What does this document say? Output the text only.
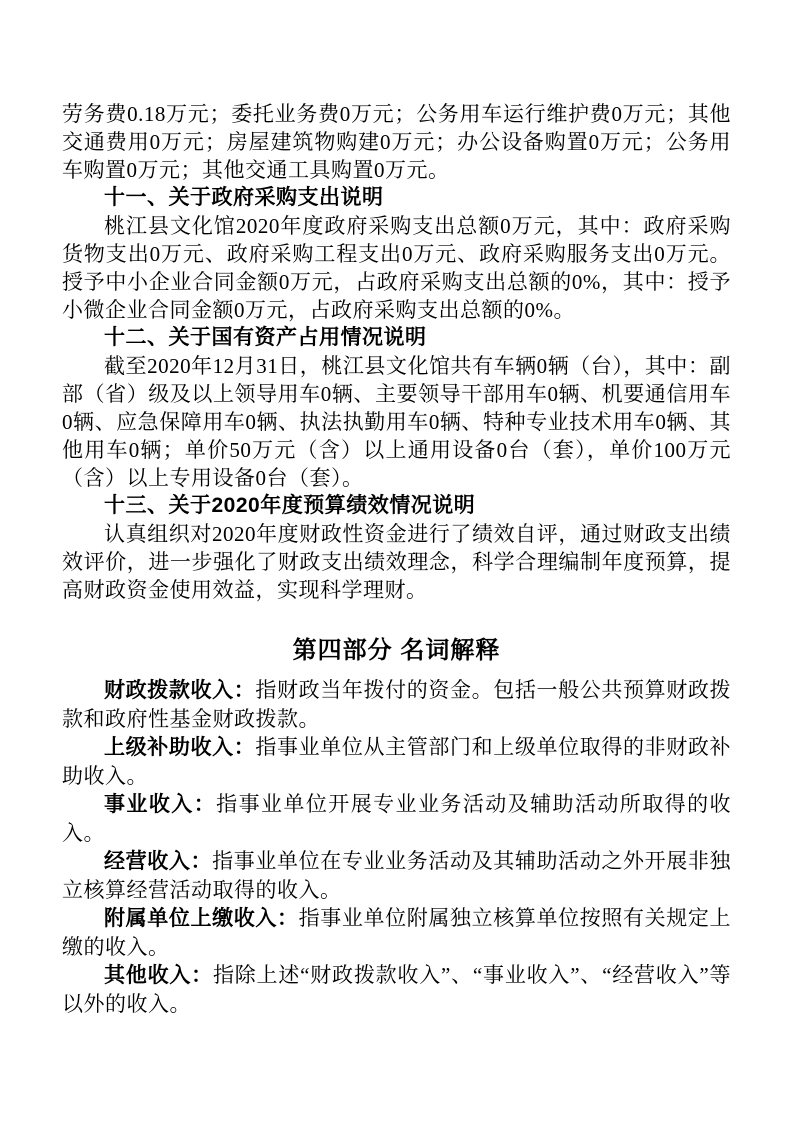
劳务费0.18万元；委托业务费0万元；公务用车运行维护费0万元；其他交通费用0万元；房屋建筑物购建0万元；办公设备购置0万元；公务用车购置0万元；其他交通工具购置0万元。

十一、关于政府采购支出说明

桃江县文化馆2020年度政府采购支出总额0万元，其中：政府采购货物支出0万元、政府采购工程支出0万元、政府采购服务支出0万元。授予中小企业合同金额0万元，占政府采购支出总额的0%，其中：授予小微企业合同金额0万元，占政府采购支出总额的0%。

十二、关于国有资产占用情况说明

截至2020年12月31日，桃江县文化馆共有车辆0辆（台），其中：副部（省）级及以上领导用车0辆、主要领导干部用车0辆、机要通信用车0辆、应急保障用车0辆、执法执勤用车0辆、特种专业技术用车0辆、其他用车0辆；单价50万元（含）以上通用设备0台（套），单价100万元（含）以上专用设备0台（套）。

十三、关于2020年度预算绩效情况说明

认真组织对2020年度财政性资金进行了绩效自评，通过财政支出绩效评价，进一步强化了财政支出绩效理念，科学合理编制年度预算，提高财政资金使用效益，实现科学理财。

第四部分 名词解释

财政拨款收入：指财政当年拨付的资金。包括一般公共预算财政拨款和政府性基金财政拨款。

上级补助收入：指事业单位从主管部门和上级单位取得的非财政补助收入。

事业收入：指事业单位开展专业业务活动及辅助活动所取得的收入。

经营收入：指事业单位在专业业务活动及其辅助活动之外开展非独立核算经营活动取得的收入。

附属单位上缴收入：指事业单位附属独立核算单位按照有关规定上缴的收入。

其他收入：指除上述“财政拨款收入”、“事业收入”、“经营收入”等以外的收入。
